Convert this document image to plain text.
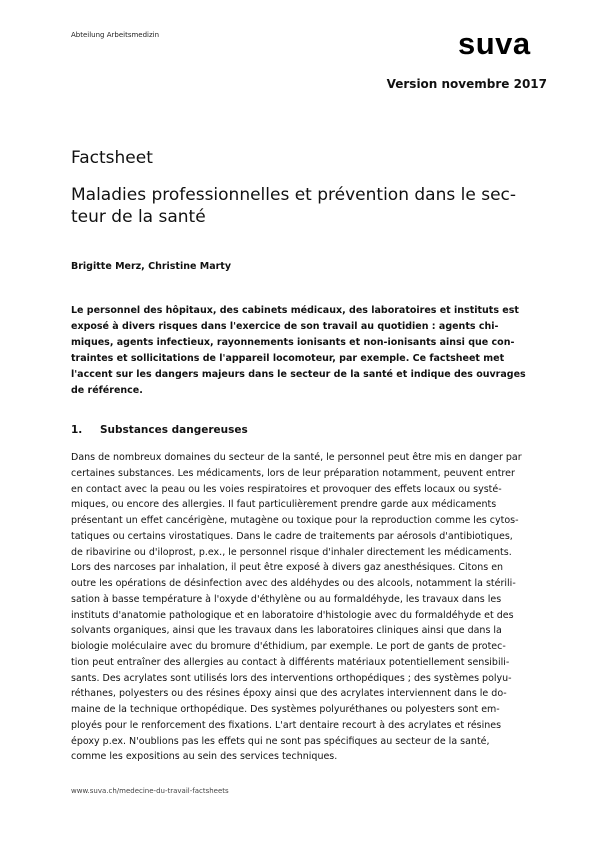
Abteilung Arbeitsmedizin	suva
Version novembre 2017
Factsheet
Maladies professionnelles et prévention dans le sec-
teur de la santé
Brigitte Merz, Christine Marty

Le personnel des hôpitaux, des cabinets médicaux, des laboratoires et instituts est
exposé à divers risques dans l'exercice de son travail au quotidien : agents chi-
miques, agents infectieux, rayonnements ionisants et non-ionisants ainsi que con-
traintes et sollicitations de l'appareil locomoteur, par exemple. Ce factsheet met
l'accent sur les dangers majeurs dans le secteur de la santé et indique des ouvrages
de référence.

1. Substances dangereuses

Dans de nombreux domaines du secteur de la santé, le personnel peut être mis en danger par
certaines substances. Les médicaments, lors de leur préparation notamment, peuvent entrer
en contact avec la peau ou les voies respiratoires et provoquer des effets locaux ou systé-
miques, ou encore des allergies. Il faut particulièrement prendre garde aux médicaments
présentant un effet cancérigène, mutagène ou toxique pour la reproduction comme les cytos-
tatiques ou certains virostatiques. Dans le cadre de traitements par aérosols d'antibiotiques,
de ribavirine ou d'iloprost, p.ex., le personnel risque d'inhaler directement les médicaments.
Lors des narcoses par inhalation, il peut être exposé à divers gaz anesthésiques. Citons en
outre les opérations de désinfection avec des aldéhydes ou des alcools, notamment la stérili-
sation à basse température à l'oxyde d'éthylène ou au formaldéhyde, les travaux dans les
instituts d'anatomie pathologique et en laboratoire d'histologie avec du formaldéhyde et des
solvants organiques, ainsi que les travaux dans les laboratoires cliniques ainsi que dans la
biologie moléculaire avec du bromure d'éthidium, par exemple. Le port de gants de protec-
tion peut entraîner des allergies au contact à différents matériaux potentiellement sensibili-
sants. Des acrylates sont utilisés lors des interventions orthopédiques ; des systèmes polyu-
réthanes, polyesters ou des résines époxy ainsi que des acrylates interviennent dans le do-
maine de la technique orthopédique. Des systèmes polyuréthanes ou polyesters sont em-
ployés pour le renforcement des fixations. L'art dentaire recourt à des acrylates et résines
époxy p.ex. N'oublions pas les effets qui ne sont pas spécifiques au secteur de la santé,
comme les expositions au sein des services techniques.

www.suva.ch/medecine-du-travail-factsheets
